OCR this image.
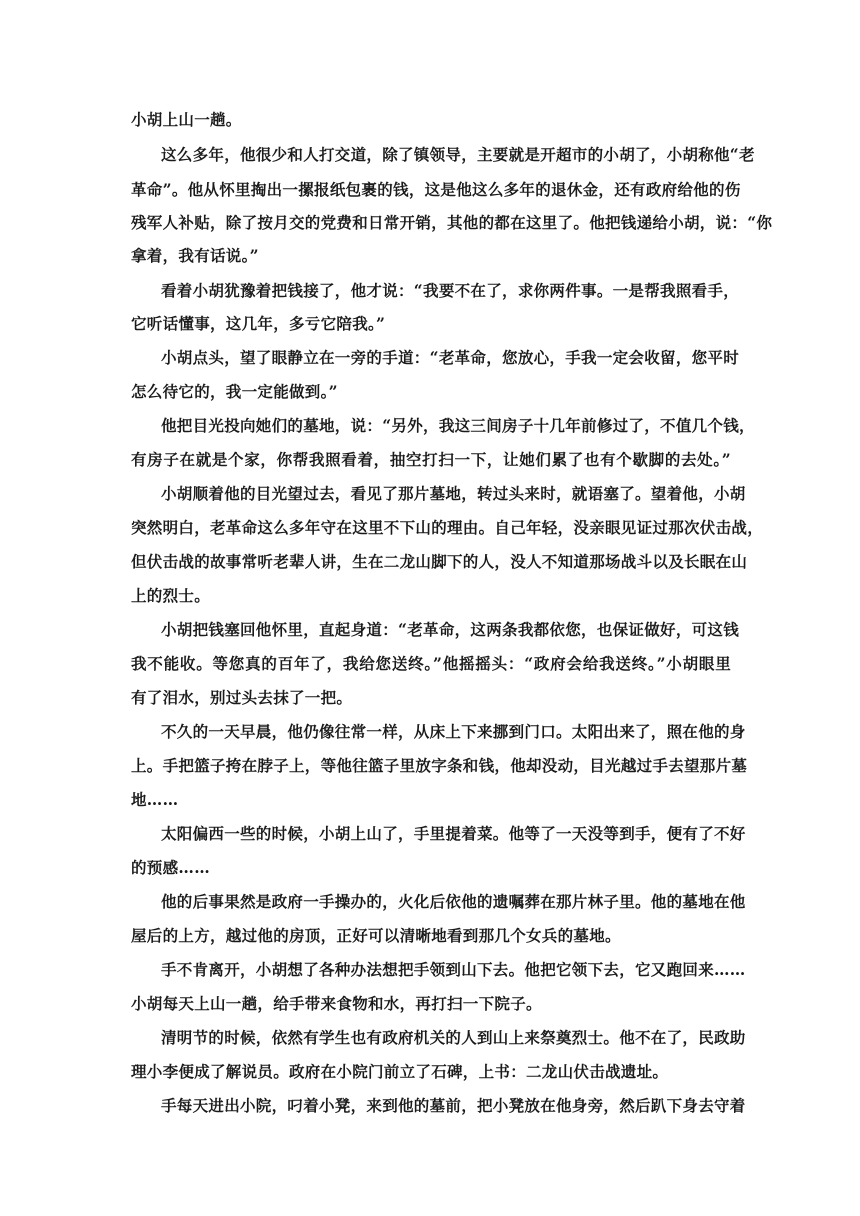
小胡上山一趟。
这么多年，他很少和人打交道，除了镇领导，主要就是开超市的小胡了，小胡称他“老
革命”。他从怀里掏出一摞报纸包裹的钱，这是他这么多年的退休金，还有政府给他的伤
残军人补贴，除了按月交的党费和日常开销，其他的都在这里了。他把钱递给小胡，说：“你
拿着，我有话说。”
看着小胡犹豫着把钱接了，他才说：“我要不在了，求你两件事。一是帮我照看手，
它听话懂事，这几年，多亏它陪我。”
小胡点头，望了眼静立在一旁的手道：“老革命，您放心，手我一定会收留，您平时
怎么待它的，我一定能做到。”
他把目光投向她们的墓地，说：“另外，我这三间房子十几年前修过了，不值几个钱，
有房子在就是个家，你帮我照看着，抽空打扫一下，让她们累了也有个歇脚的去处。”
小胡顺着他的目光望过去，看见了那片墓地，转过头来时，就语塞了。望着他，小胡
突然明白，老革命这么多年守在这里不下山的理由。自己年轻，没亲眼见证过那次伏击战，
但伏击战的故事常听老辈人讲，生在二龙山脚下的人，没人不知道那场战斗以及长眠在山
上的烈士。
小胡把钱塞回他怀里，直起身道：“老革命，这两条我都依您，也保证做好，可这钱
我不能收。等您真的百年了，我给您送终。”他摇摇头：“政府会给我送终。”小胡眼里
有了泪水，别过头去抹了一把。
不久的一天早晨，他仍像往常一样，从床上下来挪到门口。太阳出来了，照在他的身
上。手把篮子挎在脖子上，等他往篮子里放字条和钱，他却没动，目光越过手去望那片墓
地……
太阳偏西一些的时候，小胡上山了，手里提着菜。他等了一天没等到手，便有了不好
的预感……
他的后事果然是政府一手操办的，火化后依他的遗嘱葬在那片林子里。他的墓地在他
屋后的上方，越过他的房顶，正好可以清晰地看到那几个女兵的墓地。
手不肯离开，小胡想了各种办法想把手领到山下去。他把它领下去，它又跑回来……
小胡每天上山一趟，给手带来食物和水，再打扫一下院子。
清明节的时候，依然有学生也有政府机关的人到山上来祭奠烈士。他不在了，民政助
理小李便成了解说员。政府在小院门前立了石碑，上书：二龙山伏击战遗址。
手每天进出小院，叼着小凳，来到他的墓前，把小凳放在他身旁，然后趴下身去守着
